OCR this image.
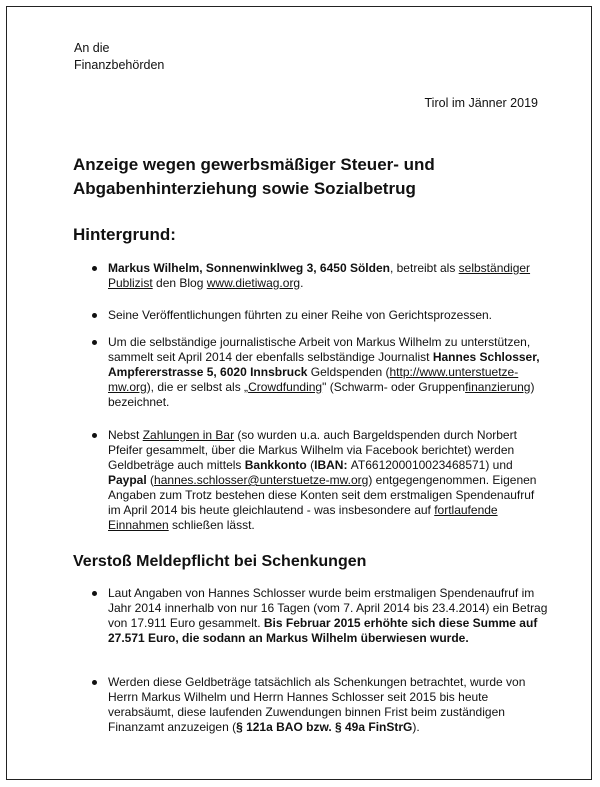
An die
Finanzbehörden
Tirol im Jänner 2019
Anzeige wegen gewerbsmäßiger Steuer- und
Abgabenhinterziehung sowie Sozialbetrug
Hintergrund:
Markus Wilhelm, Sonnenwinklweg 3, 6450 Sölden, betreibt als selbständiger Publizist den Blog www.dietiwag.org.
Seine Veröffentlichungen führten zu einer Reihe von Gerichtsprozessen.
Um die selbständige journalistische Arbeit von Markus Wilhelm zu unterstützen, sammelt seit April 2014 der ebenfalls selbständige Journalist Hannes Schlosser, Ampfererstrasse 5, 6020 Innsbruck Geldspenden (http://www.unterstuetze-mw.org), die er selbst als „Crowdfunding" (Schwarm- oder Gruppenfinanzierung) bezeichnet.
Nebst Zahlungen in Bar (so wurden u.a. auch Bargeldspenden durch Norbert Pfeifer gesammelt, über die Markus Wilhelm via Facebook berichtet) werden Geldbeträge auch mittels Bankkonto (IBAN: AT661200010023468571) und Paypal (hannes.schlosser@unterstuetze-mw.org) entgegengenommen. Eigenen Angaben zum Trotz bestehen diese Konten seit dem erstmaligen Spendenaufruf im April 2014 bis heute gleichlautend - was insbesondere auf fortlaufende Einnahmen schließen lässt.
Verstoß Meldepflicht bei Schenkungen
Laut Angaben von Hannes Schlosser wurde beim erstmaligen Spendenaufruf im Jahr 2014 innerhalb von nur 16 Tagen (vom 7. April 2014 bis 23.4.2014) ein Betrag von 17.911 Euro gesammelt. Bis Februar 2015 erhöhte sich diese Summe auf 27.571 Euro, die sodann an Markus Wilhelm überwiesen wurde.
Werden diese Geldbeträge tatsächlich als Schenkungen betrachtet, wurde von Herrn Markus Wilhelm und Herrn Hannes Schlosser seit 2015 bis heute verabsäumt, diese laufenden Zuwendungen binnen Frist beim zuständigen Finanzamt anzuzeigen (§ 121a BAO bzw. § 49a FinStrG).
